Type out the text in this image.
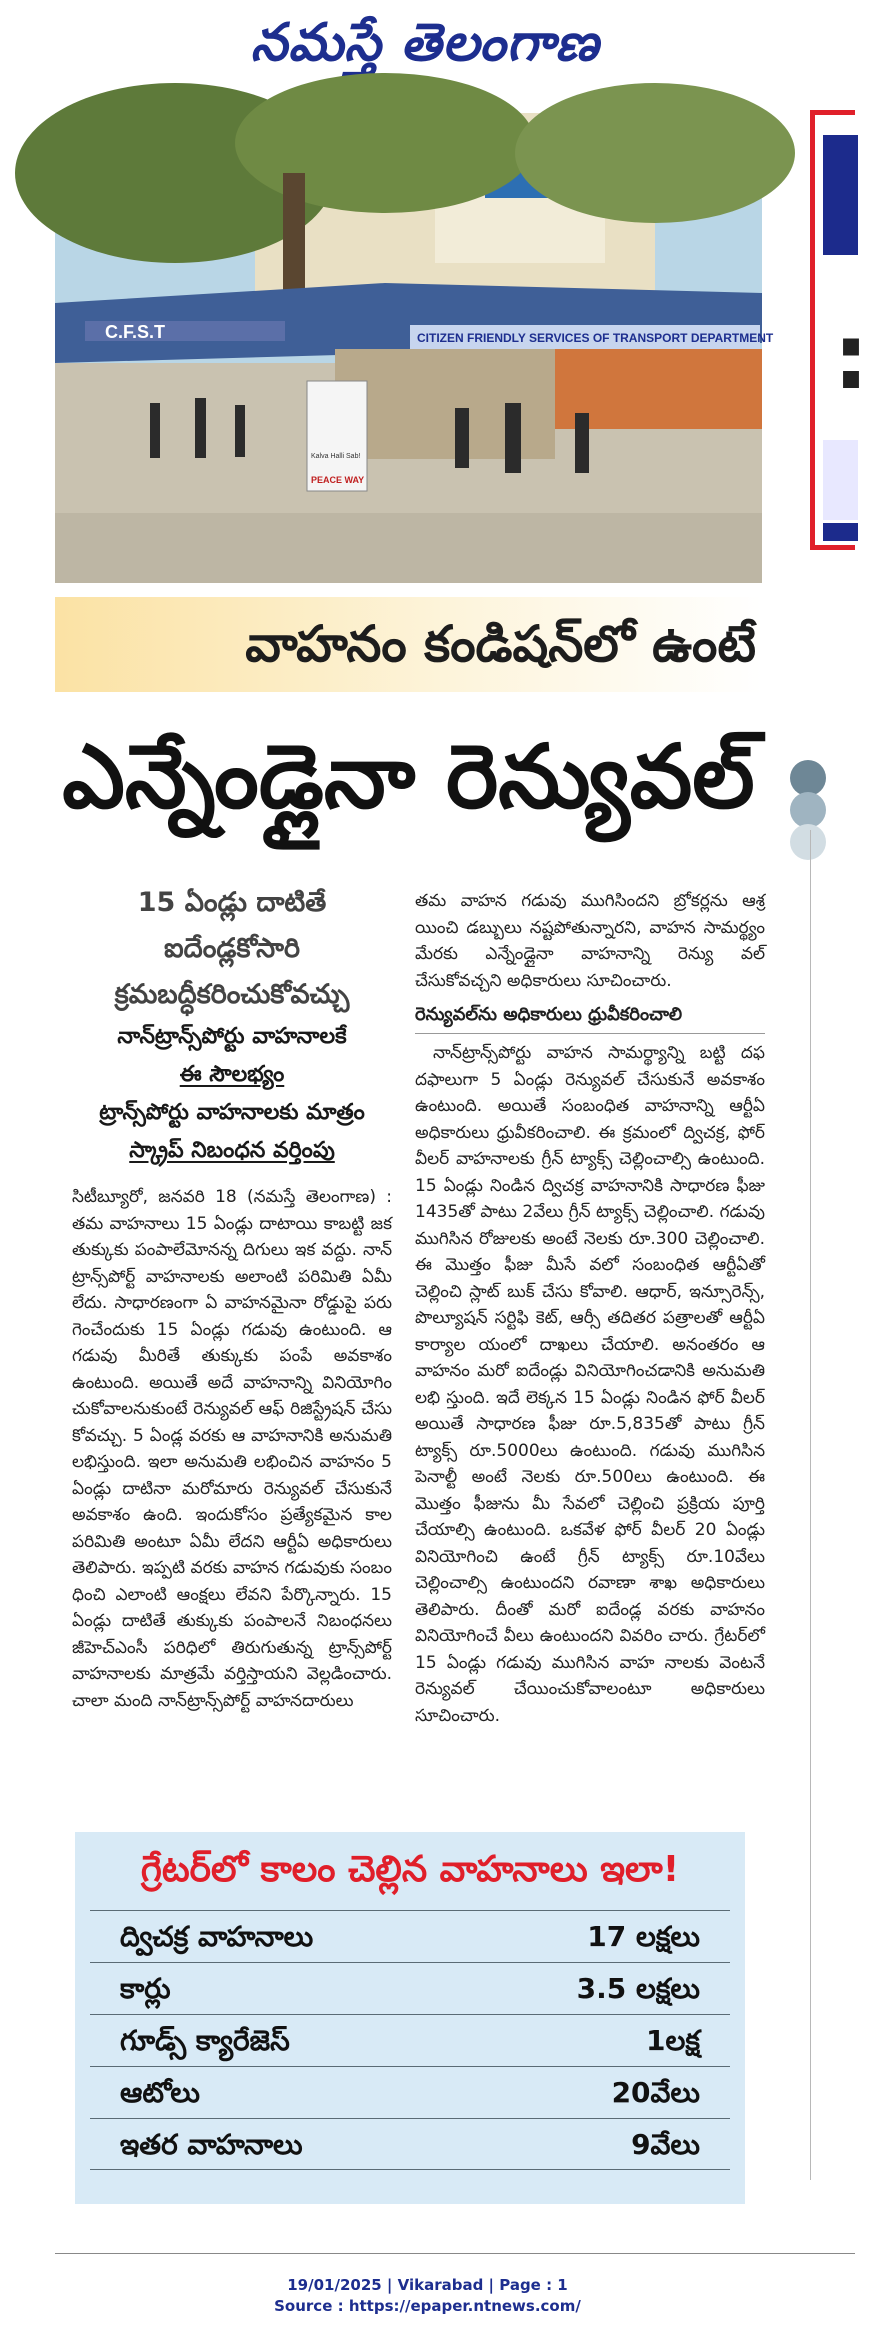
నమస్తే తెలంగాణ
C.F.S.T	CITIZEN FRIENDLY SERVICES OF TRANSPORT DEPARTMENT
PEACE WAY
Kalva Halli Sab!
:
వాహనం కండిషన్‌లో ఉంటే
ఎన్నేండ్లైనా రెన్యువల్
15 ఏండ్లు దాటితే
ఐదేండ్లకోసారి
క్రమబద్ధీకరించుకోవచ్చు
నాన్‌ట్రాన్స్‌పోర్టు వాహనాలకే
ఈ సౌలభ్యం
ట్రాన్స్‌పోర్టు వాహనాలకు మాత్రం
స్క్రాప్ నిబంధన వర్తింపు

సిటీబ్యూరో, జనవరి 18 (నమస్తే తెలంగాణ) : తమ వాహనాలు 15 ఏండ్లు దాటాయి కాబట్టి జక తుక్కుకు పంపాలేమోనన్న దిగులు ఇక వద్దు. నాన్ ట్రాన్స్‌పోర్ట్ వాహనాలకు అలాంటి పరిమితి ఏమీ లేదు. సాధారణంగా ఏ వాహనమైనా రోడ్డుపై పరు గెంచేందుకు 15 ఏండ్లు గడువు ఉంటుంది. ఆ గడువు మీరితే తుక్కుకు పంపే అవకాశం ఉంటుంది. అయితే అదే వాహనాన్ని వినియోగిం చుకోవాలనుకుంటే రెన్యువల్ ఆఫ్ రిజిస్ట్రేషన్ చేసు కోవచ్చు. 5 ఏండ్ల వరకు ఆ వాహనానికి అనుమతి లభిస్తుంది. ఇలా అనుమతి లభించిన వాహనం 5 ఏండ్లు దాటినా మరోమారు రెన్యువల్ చేసుకునే అవకాశం ఉంది. ఇందుకోసం ప్రత్యేకమైన కాల పరిమితి అంటూ ఏమీ లేదని ఆర్టీఏ అధికారులు తెలిపారు. ఇప్పటి వరకు వాహన గడువుకు సంబం ధించి ఎలాంటి ఆంక్షలు లేవని పేర్కొన్నారు. 15 ఏండ్లు దాటితే తుక్కుకు పంపాలనే నిబంధనలు జీహెచ్‌ఎంసీ పరిధిలో తిరుగుతున్న ట్రాన్స్‌పోర్ట్ వాహనాలకు మాత్రమే వర్తిస్తాయని వెల్లడించారు. చాలా మంది నాన్‌ట్రాన్స్‌పోర్ట్ వాహనదారులు

తమ వాహన గడువు ముగిసిందని బ్రోకర్లను ఆశ్ర యించి డబ్బులు నష్టపోతున్నారని, వాహన సామర్థ్యం మేరకు ఎన్నేండ్లైనా వాహనాన్ని రెన్యు వల్ చేసుకోవచ్చని అధికారులు సూచించారు.

రెన్యువల్‌ను అధికారులు ధ్రువీకరించాలి

నాన్‌ట్రాన్స్‌పోర్టు వాహన సామర్థ్యాన్ని బట్టి దఫ దఫాలుగా 5 ఏండ్లు రెన్యువల్ చేసుకునే అవకాశం ఉంటుంది. అయితే సంబంధిత వాహనాన్ని ఆర్టీఏ అధికారులు ధ్రువీకరించాలి. ఈ క్రమంలో ద్విచక్ర, ఫోర్ వీలర్ వాహనాలకు గ్రీన్ ట్యాక్స్ చెల్లించాల్సి ఉంటుంది. 15 ఏండ్లు నిండిన ద్విచక్ర వాహనానికి సాధారణ ఫీజు 1435తో పాటు 2వేలు గ్రీన్ ట్యాక్స్ చెల్లించాలి. గడువు ముగిసిన రోజులకు అంటే నెలకు రూ.300 చెల్లించాలి. ఈ మొత్తం ఫీజు మీసే వలో సంబంధిత ఆర్టీఏతో చెల్లించి స్లాట్ బుక్ చేసు కోవాలి. ఆధార్, ఇన్సూరెన్స్, పొల్యూషన్ సర్టిఫి కెట్, ఆర్సీ తదితర పత్రాలతో ఆర్టీఏ కార్యాల యంలో దాఖలు చేయాలి. అనంతరం ఆ వాహనం మరో ఐదేండ్లు వినియోగించడానికి అనుమతి లభి స్తుంది. ఇదే లెక్కన 15 ఏండ్లు నిండిన ఫోర్ వీలర్ అయితే సాధారణ ఫీజు రూ.5,835తో పాటు గ్రీన్ ట్యాక్స్ రూ.5000లు ఉంటుంది. గడువు ముగిసిన పెనాల్టీ అంటే నెలకు రూ.500లు ఉంటుంది. ఈ మొత్తం ఫీజును మీ సేవలో చెల్లించి ప్రక్రియ పూర్తి చేయాల్సి ఉంటుంది. ఒకవేళ ఫోర్ వీలర్ 20 ఏండ్లు వినియోగించి ఉంటే గ్రీన్ ట్యాక్స్ రూ.10వేలు చెల్లించాల్సి ఉంటుందని రవాణా శాఖ అధికారులు తెలిపారు. దీంతో మరో ఐదేండ్ల వరకు వాహనం వినియోగించే వీలు ఉంటుందని వివరిం చారు. గ్రేటర్‌లో 15 ఏండ్లు గడువు ముగిసిన వాహ నాలకు వెంటనే రెన్యువల్ చేయించుకోవాలంటూ అధికారులు సూచించారు.

గ్రేటర్‌లో కాలం చెల్లిన వాహనాలు ఇలా!
ద్విచక్ర వాహనాలు	17 లక్షలు
కార్లు	3.5 లక్షలు
గూడ్స్ క్యారేజెస్	1లక్ష
ఆటోలు	20వేలు
ఇతర వాహనాలు	9వేలు
19/01/2025 | Vikarabad | Page : 1
Source : https://epaper.ntnews.com/
